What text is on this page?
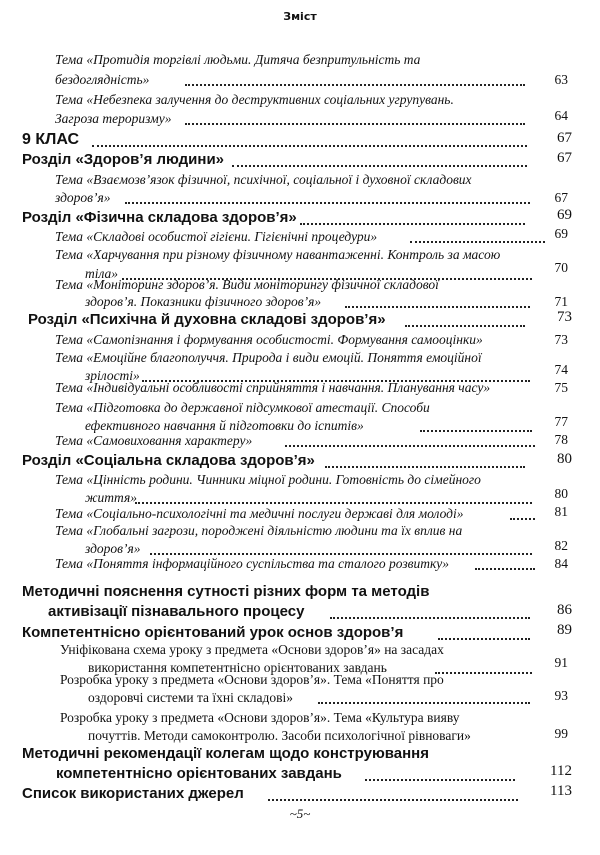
Зміст
Тема «Протидія торгівлі людьми. Дитяча безпритульність та
бездоглядність»	63
Тема «Небезпека залучення до деструктивних соціальних угрупувань.
Загроза тероризму»	64
9 КЛАС	67
Розділ «Здоров’я людини»	67
Тема «Взаємозв’язок фізичної, психічної, соціальної і духовної складових
здоров’я»	67
Розділ «Фізична складова здоров’я»	69
Тема «Складові особистої гігієни. Гігієнічні процедури»	69
Тема «Харчування при різному фізичному навантаженні. Контроль за масою
тіла»	70
Тема «Моніторинг здоров’я. Види моніторингу фізичної складової
здоров’я. Показники фізичного здоров’я»	71
Розділ «Психічна й духовна складові здоров’я»	73
Тема «Самопізнання і формування особистості. Формування самооцінки»	73
Тема «Емоційне благополуччя. Природа і види емоцій. Поняття емоційної
зрілості»	74
Тема «Індивідуальні особливості сприйняття і навчання. Планування часу»	75
Тема «Підготовка до державної підсумкової атестації. Способи
ефективного навчання й підготовки до іспитів»	77
Тема «Самовиховання характеру»	78
Розділ «Соціальна складова здоров’я»	80
Тема «Цінність родини. Чинники міцної родини. Готовність до сімейного
життя»	80
Тема «Соціально-психологічні та медичні послуги державі для молоді»	81
Тема «Глобальні загрози, породжені діяльністю людини та їх вплив на
здоров’я»	82
Тема «Поняття інформаційного суспільства та сталого розвитку»	84
Методичні пояснення сутності різних форм та методів
активізації пізнавального процесу	86
Компетентнісно орієнтований урок основ здоров’я	89
Уніфікована схема уроку з предмета «Основи здоров’я» на засадах
використання компетентнісно орієнтованих завдань	91
Розробка уроку з предмета «Основи здоров’я». Тема «Поняття про
оздоровчі системи та їхні складові»	93
Розробка уроку з предмета «Основи здоров’я». Тема «Культура вияву
почуттів. Методи самоконтролю. Засоби психологічної рівноваги»	99
Методичні рекомендації колегам щодо конструювання
компетентнісно орієнтованих завдань	112
Список використаних джерел	113
~5~
